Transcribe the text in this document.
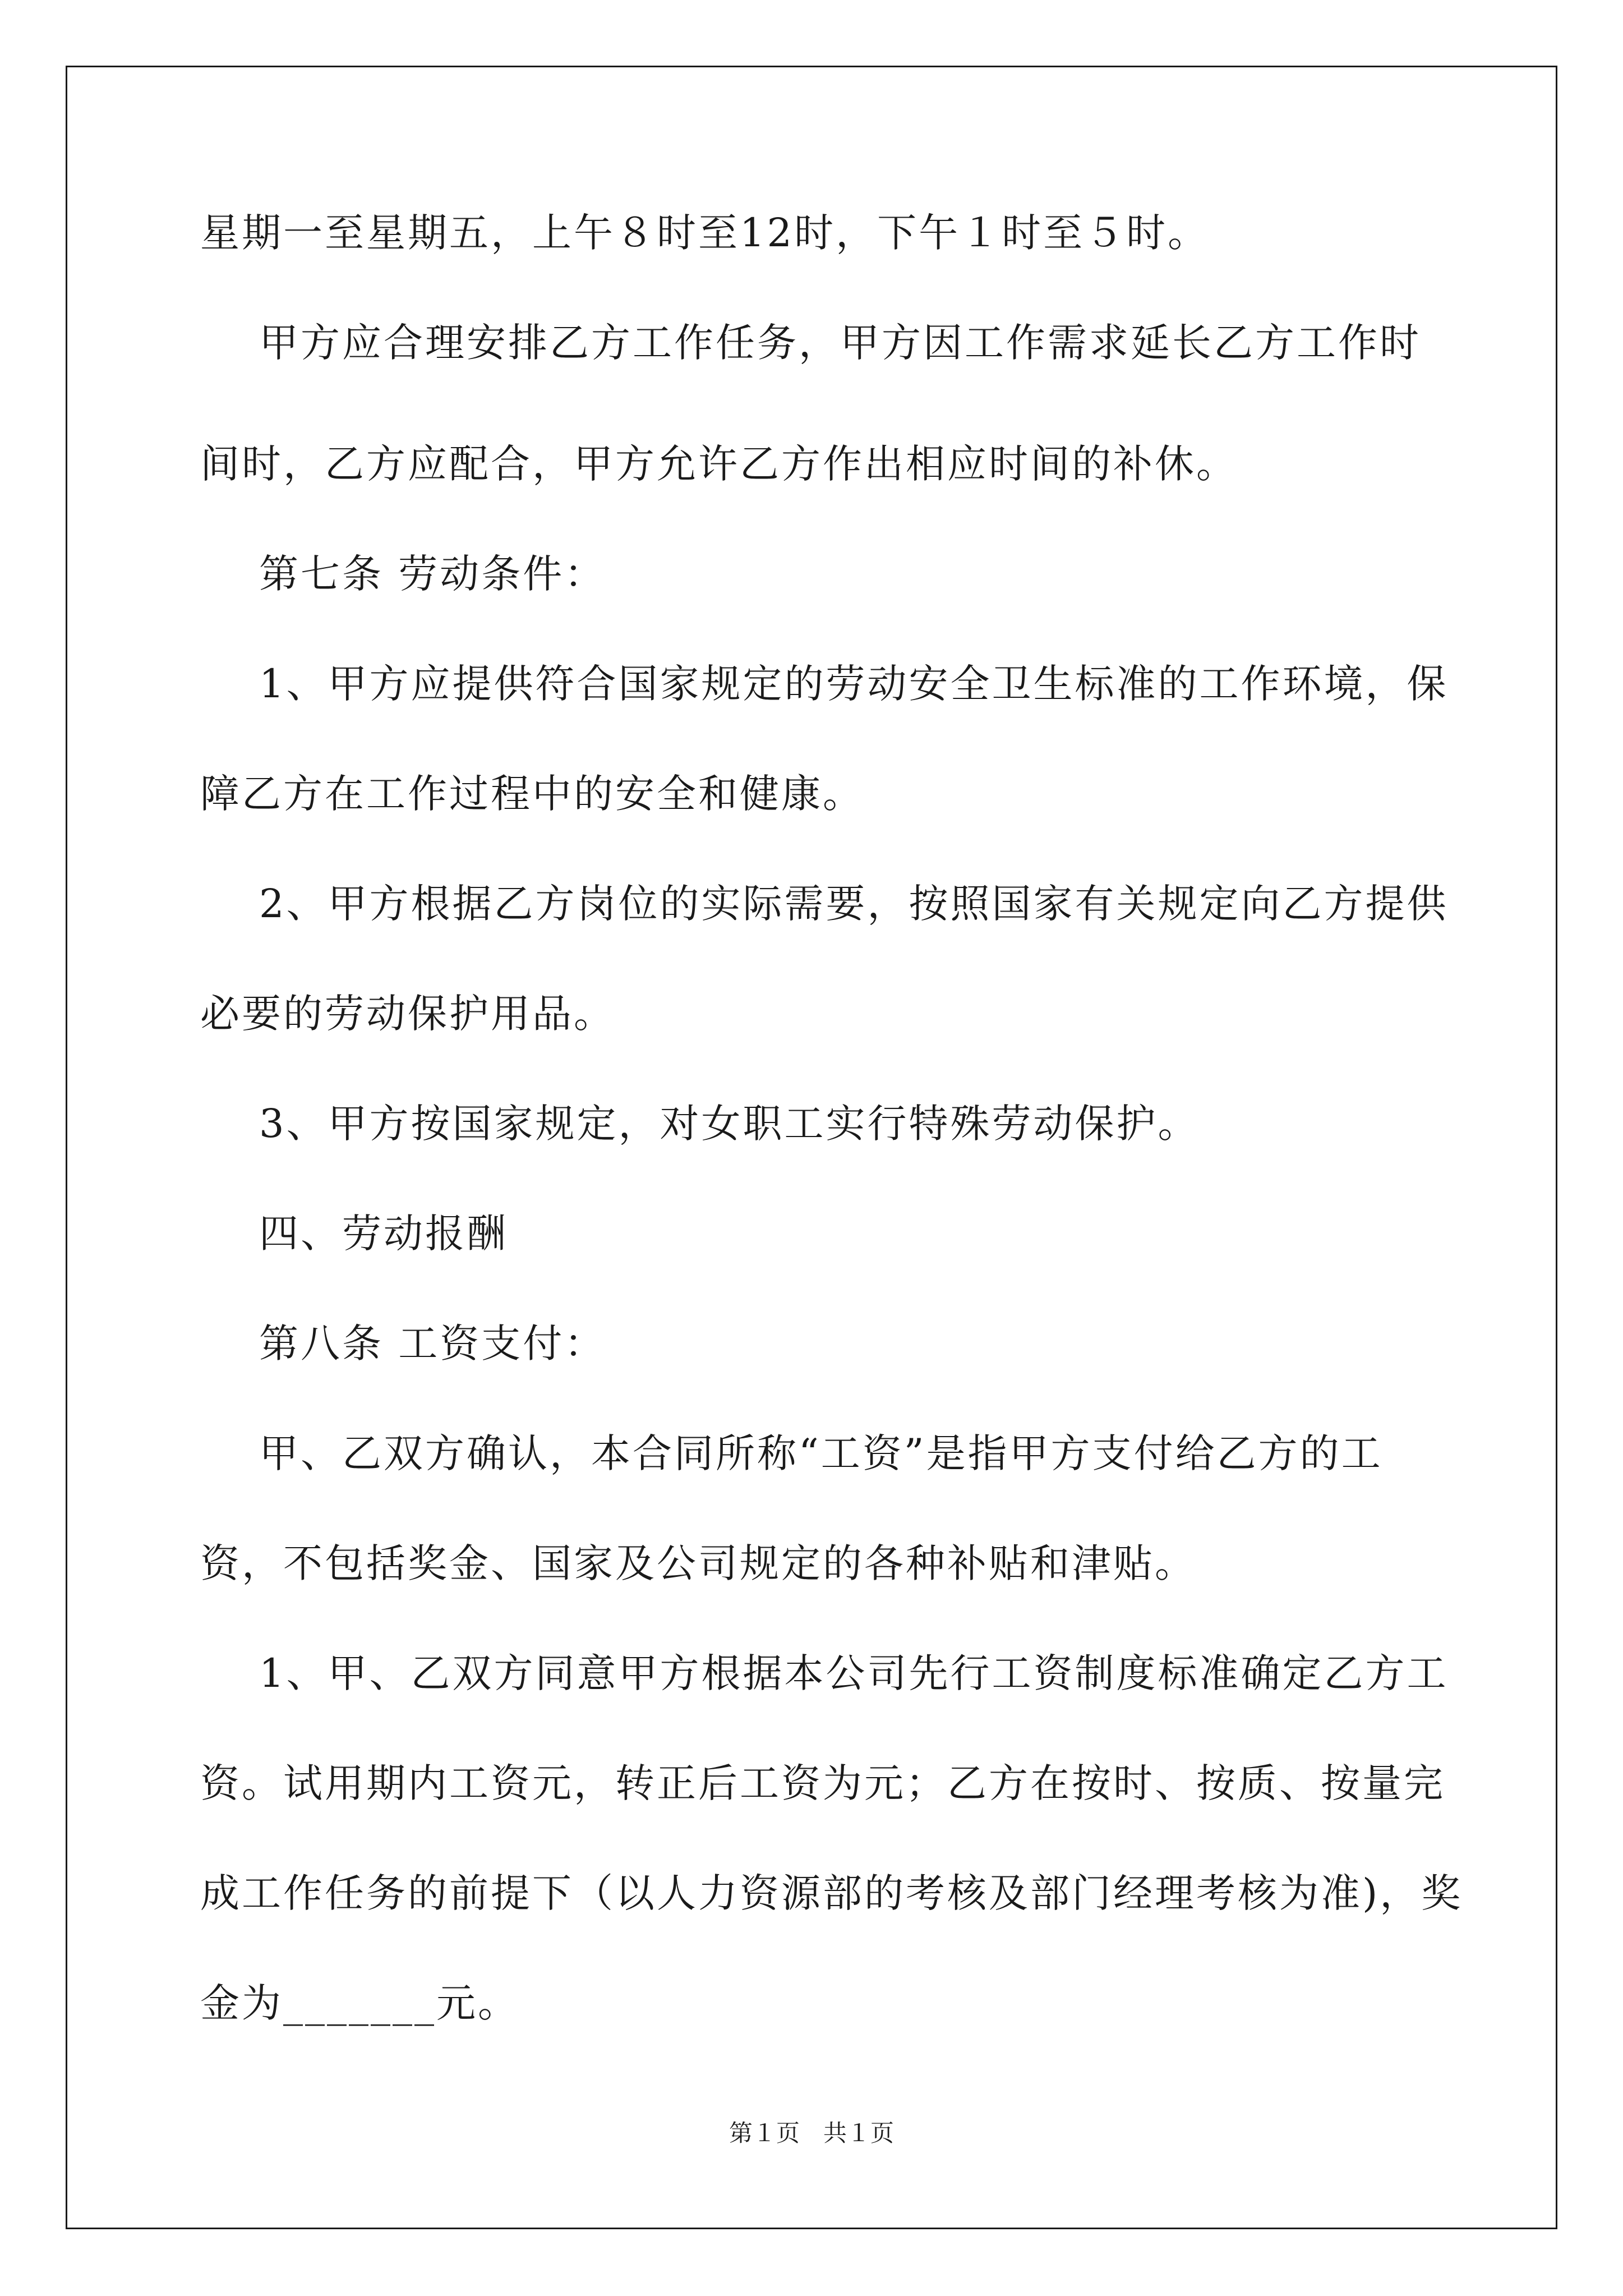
星期一至星期五，上午８时至12时，下午１时至５时。
甲方应合理安排乙方工作任务，甲方因工作需求延长乙方工作时
间时，乙方应配合，甲方允许乙方作出相应时间的补休。
第七条 劳动条件：
1、甲方应提供符合国家规定的劳动安全卫生标准的工作环境，保
障乙方在工作过程中的安全和健康。
2、甲方根据乙方岗位的实际需要，按照国家有关规定向乙方提供
必要的劳动保护用品。
3、甲方按国家规定，对女职工实行特殊劳动保护。
四、劳动报酬
第八条 工资支付：
甲、乙双方确认，本合同所称“工资”是指甲方支付给乙方的工
资，不包括奖金、国家及公司规定的各种补贴和津贴。
1、甲、乙双方同意甲方根据本公司先行工资制度标准确定乙方工
资。试用期内工资元，转正后工资为元；乙方在按时、按质、按量完
成工作任务的前提下（以人力资源部的考核及部门经理考核为准)，奖
金为_______元。
第１页　共１页
